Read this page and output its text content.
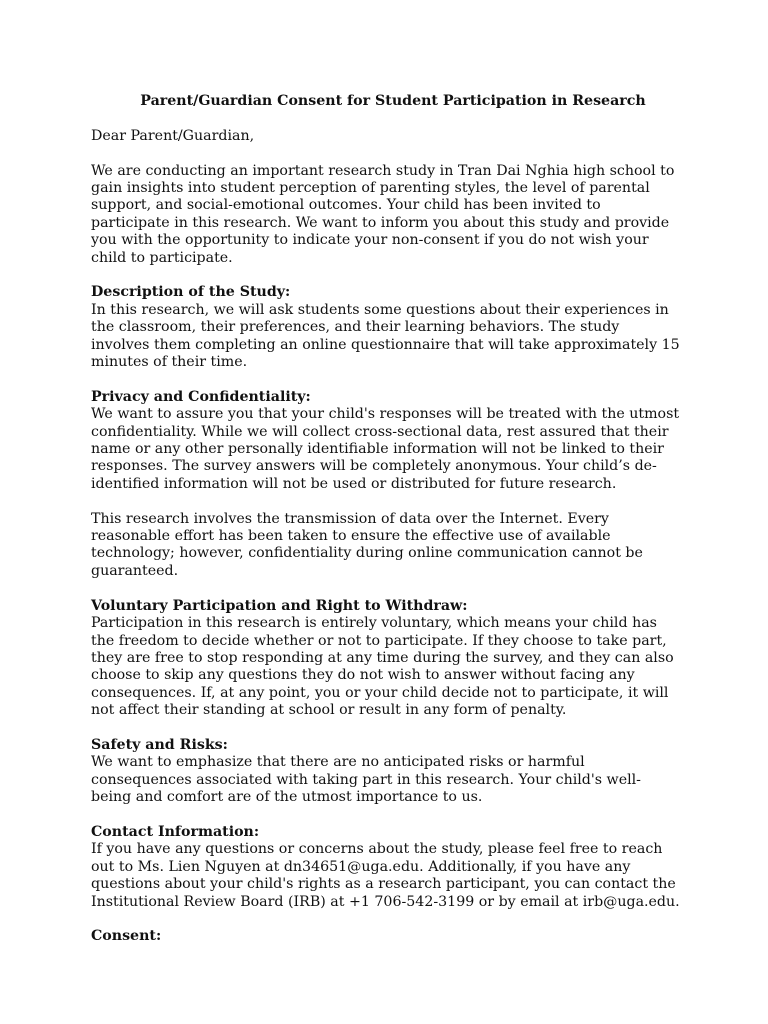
Parent/Guardian Consent for Student Participation in Research
Dear Parent/Guardian,
We are conducting an important research study in Tran Dai Nghia high school to gain insights into student perception of parenting styles, the level of parental support, and social-emotional outcomes. Your child has been invited to participate in this research. We want to inform you about this study and provide you with the opportunity to indicate your non-consent if you do not wish your child to participate.
Description of the Study:

In this research, we will ask students some questions about their experiences in the classroom, their preferences, and their learning behaviors. The study involves them completing an online questionnaire that will take approximately 15 minutes of their time.

Privacy and Confidentiality:

We want to assure you that your child's responses will be treated with the utmost confidentiality. While we will collect cross-sectional data, rest assured that their name or any other personally identifiable information will not be linked to their responses. The survey answers will be completely anonymous. Your child’s de-identified information will not be used or distributed for future research.

This research involves the transmission of data over the Internet. Every reasonable effort has been taken to ensure the effective use of available technology; however, confidentiality during online communication cannot be guaranteed.

Voluntary Participation and Right to Withdraw:

Participation in this research is entirely voluntary, which means your child has the freedom to decide whether or not to participate. If they choose to take part, they are free to stop responding at any time during the survey, and they can also choose to skip any questions they do not wish to answer without facing any consequences. If, at any point, you or your child decide not to participate, it will not affect their standing at school or result in any form of penalty.

Safety and Risks:

We want to emphasize that there are no anticipated risks or harmful consequences associated with taking part in this research. Your child's well-being and comfort are of the utmost importance to us.

Contact Information:

If you have any questions or concerns about the study, please feel free to reach out to Ms. Lien Nguyen at dn34651@uga.edu. Additionally, if you have any questions about your child's rights as a research participant, you can contact the Institutional Review Board (IRB) at +1 706-542-3199 or by email at irb@uga.edu.

Consent:
